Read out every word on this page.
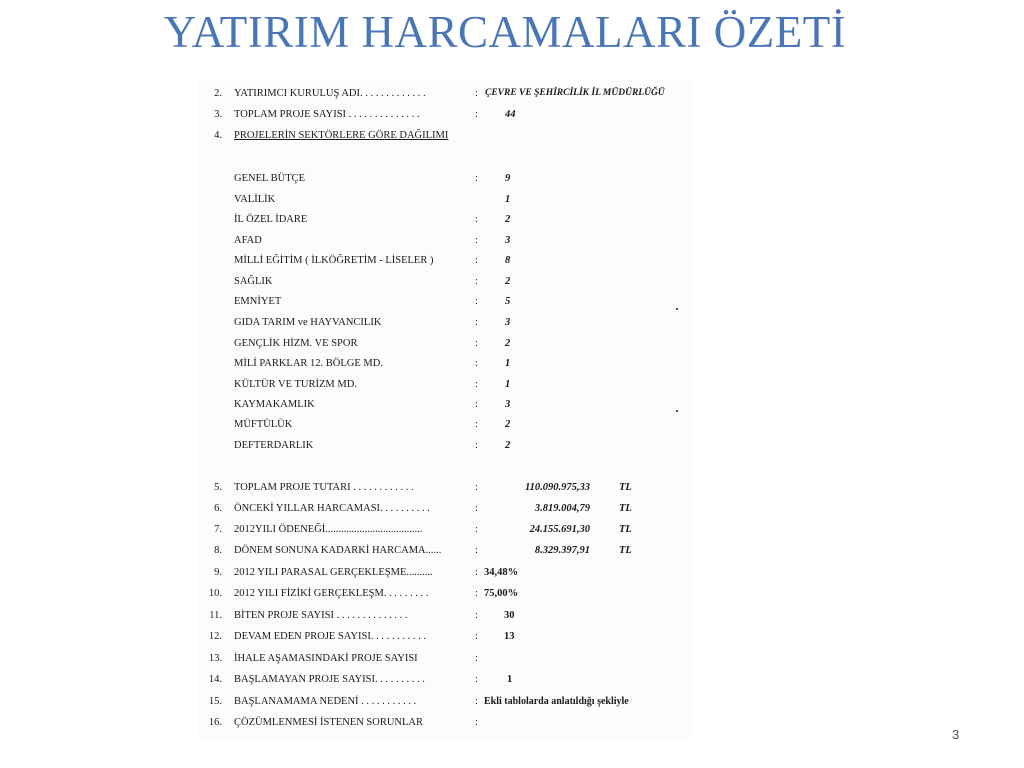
YATIRIM HARCAMALARI ÖZETİ
2. YATIRIMCI KURULUŞ ADI. . . . . . . . . . . . .	: ÇEVRE VE ŞEHİRCİLİK İL MÜDÜRLÜĞÜ
3. TOPLAM PROJE SAYISI . . . . . . . . . . . . . .	:	44
4. PROJELERİN SEKTÖRLERE GÖRE DAĞILIMI
GENEL BÜTÇE	:	9
VALİLİK	1
İL ÖZEL İDARE	:	2
AFAD	:	3
MİLLİ EĞİTİM ( İLKÖĞRETİM - LİSELER )	:	8
SAĞLIK	:	2
EMNİYET	:	5
GIDA TARIM ve HAYVANCILIK	:	3
GENÇLİK HİZM. VE SPOR	:	2
MİLİ PARKLAR 12. BÖLGE MD.	:	1
KÜLTÜR VE TURİZM MD.	:	1
KAYMAKAMLIK	:	3
MÜFTÜLÜK	:	2
DEFTERDARLIK	:	2
5. TOPLAM PROJE TUTARI . . . . . . . . . . . .	:	110.090.975,33	TL
6. ÖNCEKİ YILLAR HARCAMASI. . . . . . . . . .	:	3.819.004,79	TL
7. 2012YILI ÖDENEĞİ.....................................	:	24.155.691,30	TL
8. DÖNEM SONUNA KADARKİ HARCAMA......	:	8.329.397,91	TL
9. 2012 YILI PARASAL GERÇEKLEŞME..........	: 34,48%
10. 2012 YILI FİZİKİ GERÇEKLEŞM. . . . . . . . .	: 75,00%
11. BİTEN PROJE SAYISI . . . . . . . . . . . . . .	: 30
12. DEVAM EDEN PROJE SAYISI. . . . . . . . . . .	: 13
13. İHALE AŞAMASINDAKİ PROJE SAYISI	:
14. BAŞLAMAYAN PROJE SAYISI. . . . . . . . . .	:	1
15. BAŞLANAMAMA NEDENİ . . . . . . . . . . .	: Ekli tablolarda anlatıldığı şekliyle
16. ÇÖZÜMLENMESİ İSTENEN SORUNLAR	:
3
